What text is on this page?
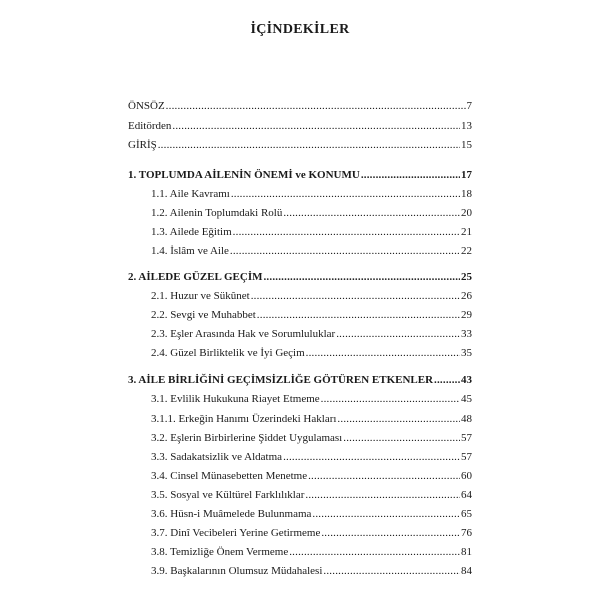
İÇİNDEKİLER
ÖNSÖZ .....	7
Editörden .....	13
GİRİŞ .....	15
1. TOPLUMDA AİLENİN ÖNEMİ ve KONUMU .....	17
1.1. Aile Kavramı .....	18
1.2. Ailenin Toplumdaki Rolü .....	20
1.3. Ailede Eğitim .....	21
1.4. İslâm ve Aile .....	22
2. AİLEDE GÜZEL GEÇİM .....	25
2.1. Huzur ve Sükûnet .....	26
2.2. Sevgi ve Muhabbet .....	29
2.3. Eşler Arasında Hak ve Sorumluluklar .....	33
2.4. Güzel Birliktelik ve İyi Geçim .....	35
3. AİLE BİRLİĞİNİ GEÇİMSİZLİĞE GÖTÜREN ETKENLER .....	43
3.1. Evlilik Hukukuna Riayet Etmeme .....	45
3.1.1. Erkeğin Hanımı Üzerindeki Hakları .....	48
3.2. Eşlerin Birbirlerine Şiddet Uygulaması .....	57
3.3. Sadakatsizlik ve Aldatma .....	57
3.4. Cinsel Münasebetten Menetme .....	60
3.5. Sosyal ve Kültürel Farklılıklar .....	64
3.6. Hüsn-i Muâmelede Bulunmama .....	65
3.7. Dinî Vecibeleri Yerine Getirmeme .....	76
3.8. Temizliğe Önem Vermeme .....	81
3.9. Başkalarının Olumsuz Müdahalesi .....	84
